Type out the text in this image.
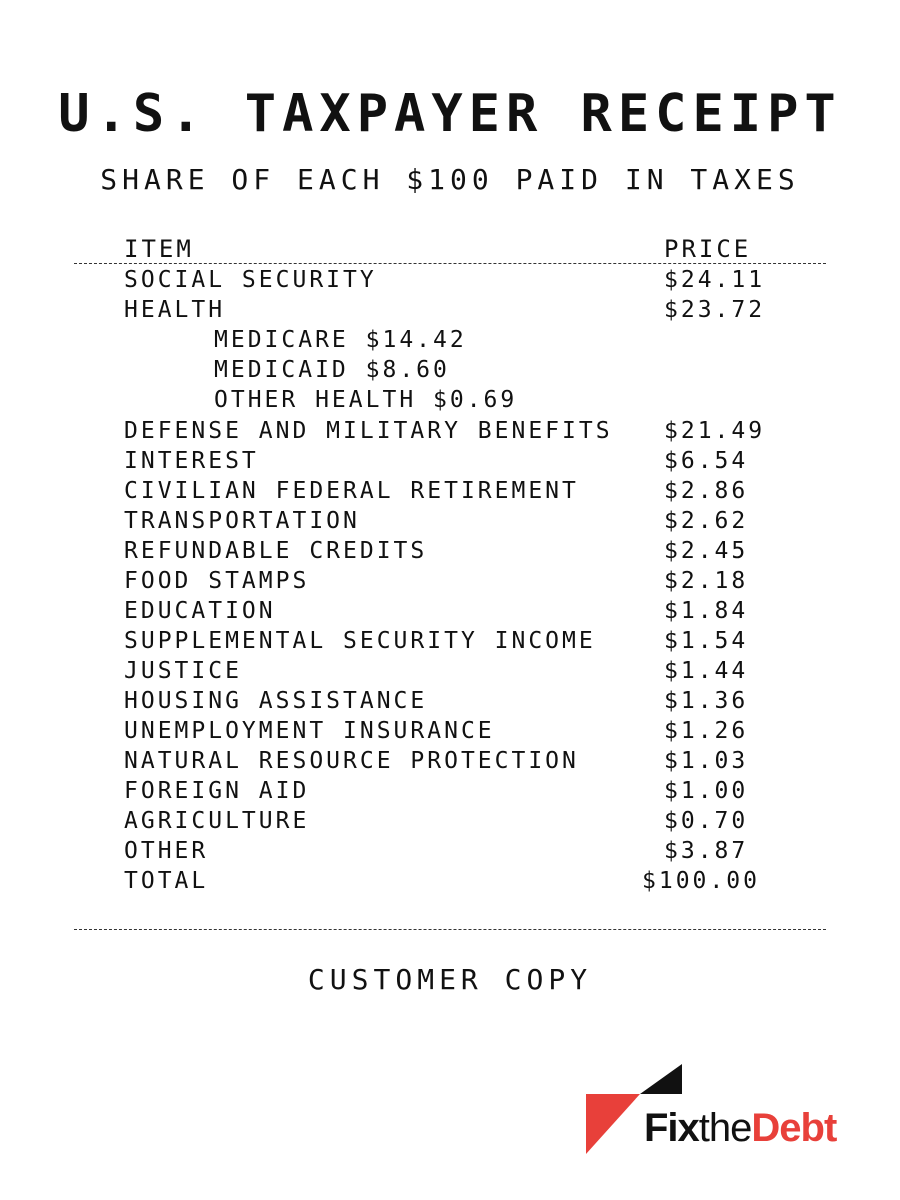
U.S. TAXPAYER RECEIPT
SHARE OF EACH $100 PAID IN TAXES
ITEM	PRICE
SOCIAL SECURITY	$24.11
HEALTH	$23.72
MEDICARE $14.42
MEDICAID $8.60
OTHER HEALTH $0.69
DEFENSE AND MILITARY BENEFITS $21.49
INTEREST	$6.54
CIVILIAN FEDERAL RETIREMENT	$2.86
TRANSPORTATION	$2.62
REFUNDABLE CREDITS	$2.45
FOOD STAMPS	$2.18
EDUCATION	$1.84
SUPPLEMENTAL SECURITY INCOME	$1.54
JUSTICE	$1.44
HOUSING ASSISTANCE	$1.36
UNEMPLOYMENT INSURANCE	$1.26
NATURAL RESOURCE PROTECTION	$1.03
FOREIGN AID	$1.00
AGRICULTURE	$0.70
OTHER	$3.87
TOTAL	$100.00
CUSTOMER COPY
FixtheDebt
